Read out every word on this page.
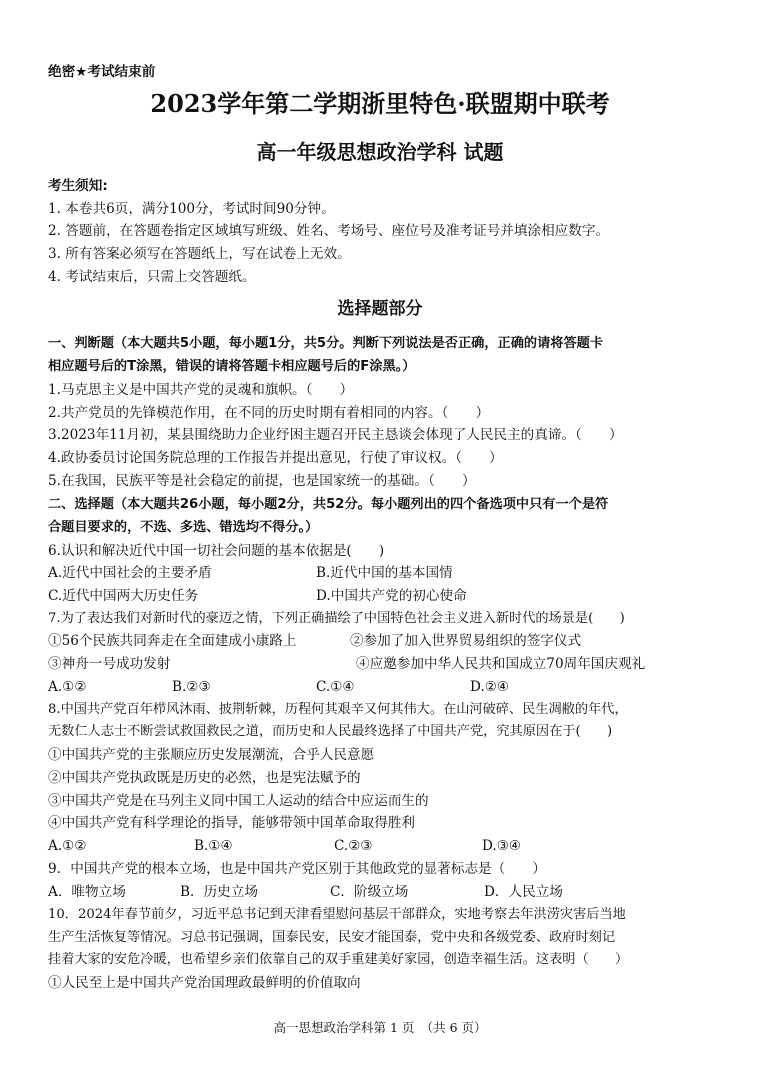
绝密★考试结束前
2023学年第二学期浙里特色·联盟期中联考
高一年级思想政治学科 试题
考生须知:
1. 本卷共6页，满分100分，考试时间90分钟。
2. 答题前，在答题卷指定区域填写班级、姓名、考场号、座位号及准考证号并填涂相应数字。
3. 所有答案必须写在答题纸上，写在试卷上无效。
4. 考试结束后，只需上交答题纸。
选择题部分
一、判断题（本大题共5小题，每小题1分，共5分。判断下列说法是否正确，正确的请将答题卡
相应题号后的T涂黑，错误的请将答题卡相应题号后的F涂黑。）
1.马克思主义是中国共产党的灵魂和旗帜。（　　）
2.共产党员的先锋模范作用，在不同的历史时期有着相同的内容。（　　）
3.2023年11月初，某县围绕助力企业纾困主题召开民主恳谈会体现了人民民主的真谛。（　　）
4.政协委员讨论国务院总理的工作报告并提出意见，行使了审议权。（　　）
5.在我国，民族平等是社会稳定的前提，也是国家统一的基础。（　　）
二、选择题（本大题共26小题，每小题2分，共52分。每小题列出的四个备选项中只有一个是符
合题目要求的，不选、多选、错选均不得分。）
6.认识和解决近代中国一切社会问题的基本依据是(　　)
A.近代中国社会的主要矛盾	B.近代中国的基本国情
C.近代中国两大历史任务	D.中国共产党的初心使命
7.为了表达我们对新时代的豪迈之情，下列正确描绘了中国特色社会主义进入新时代的场景是(　　)
①56个民族共同奔走在全面建成小康路上	②参加了加入世界贸易组织的签字仪式
③神舟一号成功发射	④应邀参加中华人民共和国成立70周年国庆观礼
A.①②	B.②③	C.①④	D.②④
8.中国共产党百年栉风沐雨、披荆斩棘，历程何其艰辛又何其伟大。在山河破碎、民生凋敝的年代，
无数仁人志士不断尝试救国救民之道，而历史和人民最终选择了中国共产党，究其原因在于(　　)
①中国共产党的主张顺应历史发展潮流，合乎人民意愿
②中国共产党执政既是历史的必然，也是宪法赋予的
③中国共产党是在马列主义同中国工人运动的结合中应运而生的
④中国共产党有科学理论的指导，能够带领中国革命取得胜利
A.①②	B.①④	C.②③	D.③④
9．中国共产党的根本立场，也是中国共产党区别于其他政党的显著标志是（　　）
A．唯物立场	B．历史立场	C．阶级立场	D．人民立场
10．2024年春节前夕，习近平总书记到天津看望慰问基层干部群众，实地考察去年洪涝灾害后当地
生产生活恢复等情况。习总书记强调，国泰民安，民安才能国泰，党中央和各级党委、政府时刻记
挂着大家的安危冷暖，也希望乡亲们依靠自己的双手重建美好家园，创造幸福生活。这表明（　　）
①人民至上是中国共产党治国理政最鲜明的价值取向
高一思想政治学科第 1 页　（共 6 页）
